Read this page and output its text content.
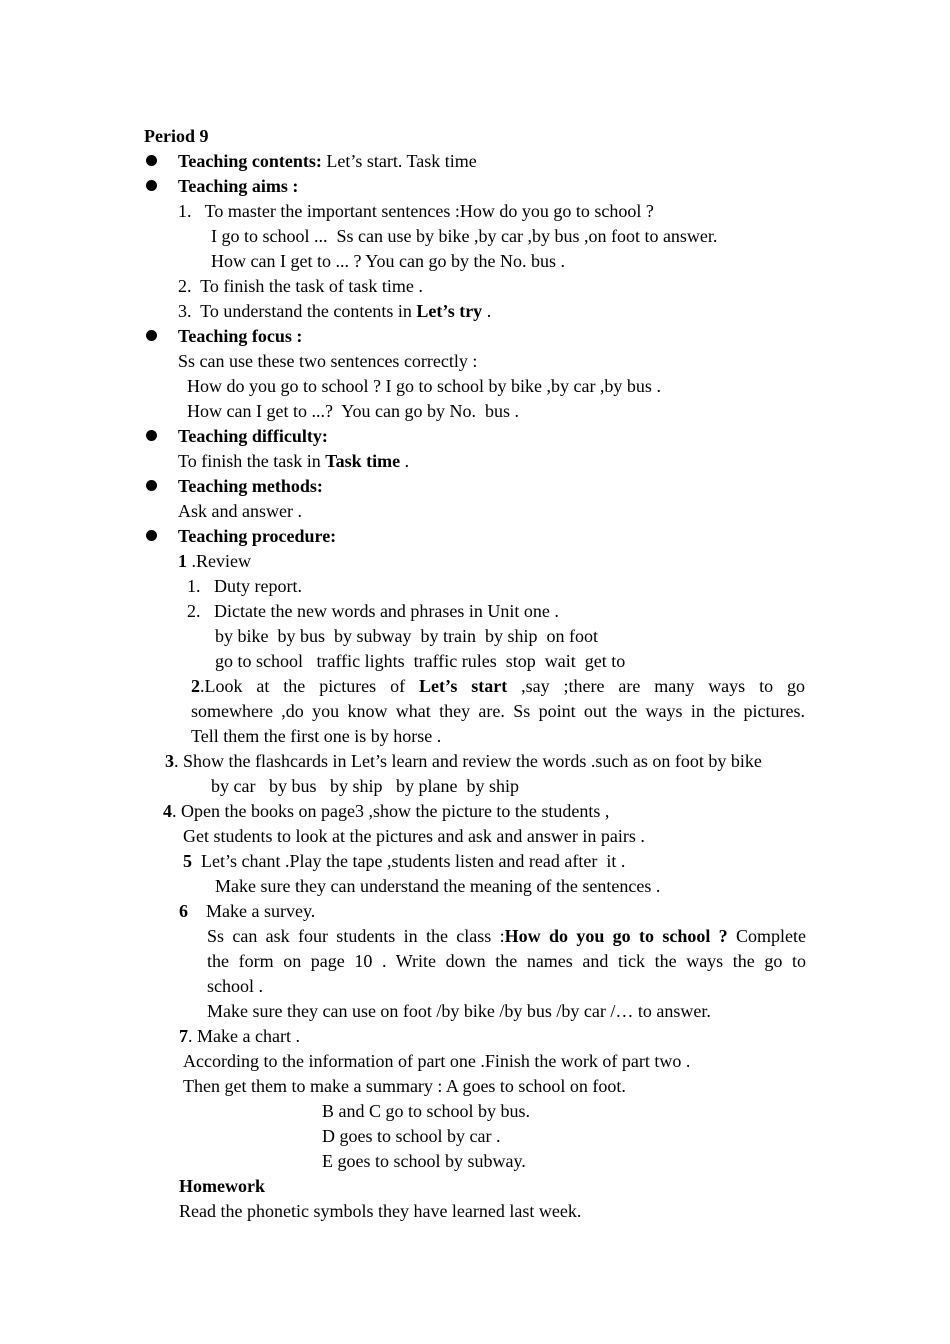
Period 9
Teaching contents: Let’s start. Task time
Teaching aims :
1.   To master the important sentences :How do you go to school ?
I go to school ...  Ss can use by bike ,by car ,by bus ,on foot to answer.
How can I get to ... ? You can go by the No. bus .
2.  To finish the task of task time .
3.  To understand the contents in Let’s try .
Teaching focus :
Ss can use these two sentences correctly :
How do you go to school ? I go to school by bike ,by car ,by bus .
How can I get to ...?  You can go by No.  bus .
Teaching difficulty:
To finish the task in Task time .
Teaching methods:
Ask and answer .
Teaching procedure:
1 .Review
1.   Duty report.
2.   Dictate the new words and phrases in Unit one .
by bike  by bus  by subway  by train  by ship  on foot
go to school   traffic lights  traffic rules  stop  wait  get to
2.Look at the pictures of Let’s start ,say ;there are many ways to go
somewhere ,do you know what they are. Ss point out the ways in the pictures.
Tell them the first one is by horse .
3. Show the flashcards in Let’s learn and review the words .such as on foot by bike
by car   by bus   by ship   by plane  by ship
4. Open the books on page3 ,show the picture to the students ,
Get students to look at the pictures and ask and answer in pairs .
5  Let’s chant .Play the tape ,students listen and read after  it .
Make sure they can understand the meaning of the sentences .
6    Make a survey.
Ss can ask four students in the class :How do you go to school ? Complete
the form on page 10 . Write down the names and tick the ways the go to
school .
Make sure they can use on foot /by bike /by bus /by car /… to answer.
7. Make a chart .
According to the information of part one .Finish the work of part two .
Then get them to make a summary : A goes to school on foot.
B and C go to school by bus.
D goes to school by car .
E goes to school by subway.
Homework
Read the phonetic symbols they have learned last week.
